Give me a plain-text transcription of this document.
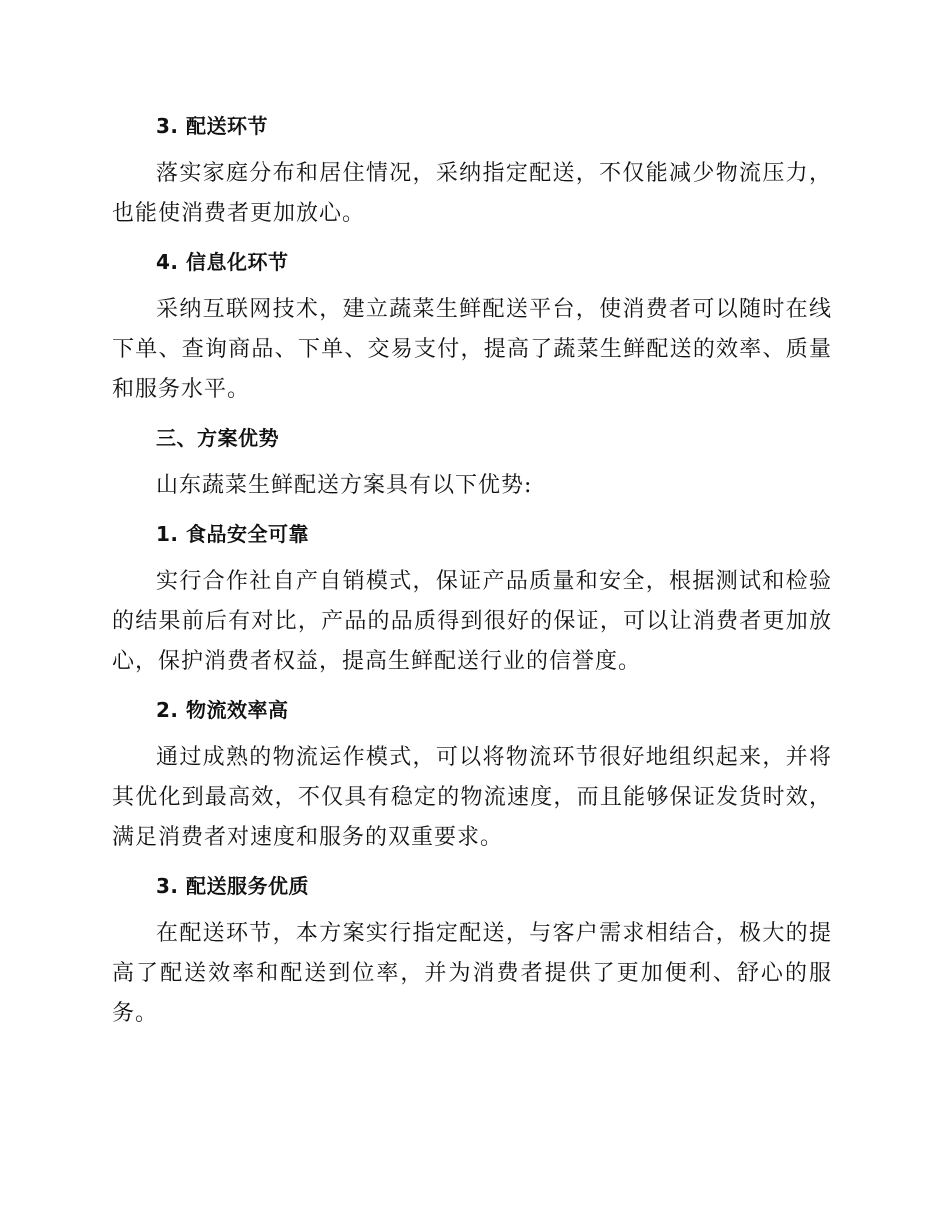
3. 配送环节
落实家庭分布和居住情况，采纳指定配送，不仅能减少物流压力，也能使消费者更加放心。
4. 信息化环节
采纳互联网技术，建立蔬菜生鲜配送平台，使消费者可以随时在线下单、查询商品、下单、交易支付，提高了蔬菜生鲜配送的效率、质量和服务水平。
三、方案优势
山东蔬菜生鲜配送方案具有以下优势:
1. 食品安全可靠
实行合作社自产自销模式，保证产品质量和安全，根据测试和检验的结果前后有对比，产品的品质得到很好的保证，可以让消费者更加放心，保护消费者权益，提高生鲜配送行业的信誉度。
2. 物流效率高
通过成熟的物流运作模式，可以将物流环节很好地组织起来，并将其优化到最高效，不仅具有稳定的物流速度，而且能够保证发货时效，满足消费者对速度和服务的双重要求。
3. 配送服务优质
在配送环节，本方案实行指定配送，与客户需求相结合，极大的提高了配送效率和配送到位率，并为消费者提供了更加便利、舒心的服务。
